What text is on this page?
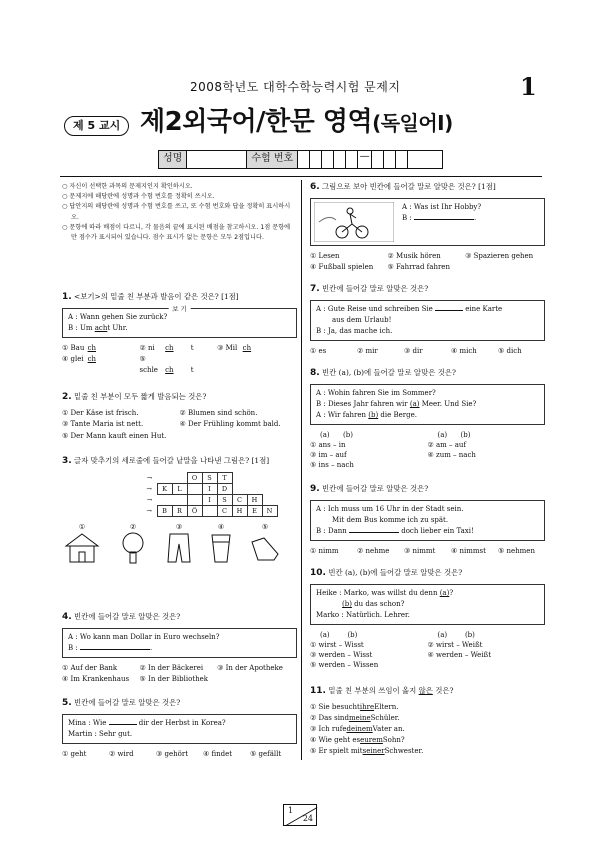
2008학년도 대학수학능력시험 문제지	1
제 5 교시 제2외국어/한문 영역(독일어Ⅰ)
성명	수험 번호	—
○ 자신이 선택한 과목의 문제지인지 확인하시오.
○ 문제지에 해당란에 성명과 수험 번호를 정확히 쓰시오.
○ 답안지의 해당란에 성명과 수험 번호를 쓰고, 또 수험 번호와 답을 정확히 표시하시오.
○ 문항에 따라 배점이 다르니, 각 물음의 끝에 표시된 배점을 참고하시오. 1점 문항에만 점수가 표시되어 있습니다. 점수 표시가 없는 문항은 모두 2점입니다.
1. <보기>의 밑줄 친 부분과 발음이 같은 것은? [1점]
보 기
A : Wann gehen Sie zurück?
B : Um acht Uhr.
① Bau ch	② ni ch t	③ Mil ch
④ glei ch	⑤ schle ch t
2. 밑줄 친 부분이 모두 짧게 발음되는 것은?
① Der Käse ist frisch.	② Blumen sind schön.
③ Tante Maria ist nett.	④ Der Frühling kommt bald.
⑤ Der Mann kauft einen Hut.
3. 글자 맞추기의 세로줄에 들어갈 낱말을 나타낸 그림은? [1점]
→			O	S	T			
→	K	L		I	D			
→				I	S	C	H	
→	B	R	Ö		C	H	E	N
①	②	③	④	⑤

4. 빈칸에 들어갈 말로 알맞은 것은?
A : Wo kann man Dollar in Euro wechseln?
B :	.
① Auf der Bank	② In der Bäckerei	③ In der Apotheke
④ Im Krankenhaus	⑤ In der Bibliothek
5. 빈칸에 들어갈 말로 알맞은 것은?
Mina : Wie	dir der Herbst in Korea?
Martin : Sehr gut.
① geht	② wird	③ gehört	④ findet	⑤ gefällt
6. 그림으로 보아 빈칸에 들어갈 말로 알맞은 것은? [1점]
A : Was ist Ihr Hobby?
B :	.
① Lesen	② Musik hören	③ Spazieren gehen
④ Fußball spielen	⑤ Fahrrad fahren
7. 빈칸에 들어갈 말로 알맞은 것은?
A : Gute Reise und schreiben Sie	eine Karte
aus dem Urlaub!
B : Ja, das mache ich.
① es	② mir	③ dir	④ mich	⑤ dich
8. 빈칸 (a), (b)에 들어갈 말로 알맞은 것은?
A : Wohin fahren Sie im Sommer?
B : Dieses Jahr fahren wir (a) Meer. Und Sie?
A : Wir fahren (b) die Berge.
(a) (b)	(a) (b)
① ans – in	② am – auf
③ im – auf	④ zum – nach
⑤ ins – nach
9. 빈칸에 들어갈 말로 알맞은 것은?
A : Ich muss um 16 Uhr in der Stadt sein.
Mit dem Bus komme ich zu spät.
B : Dann	doch lieber ein Taxi!
① nimm	② nehme	③ nimmt	④ nimmst	⑤ nehmen
10. 빈칸 (a), (b)에 들어갈 말로 알맞은 것은?
Heike : Marko, was willst du denn (a)?
(b) du das schon?
Marko : Natürlich. Lehrer.
(a)	(b)	(a)	(b)
① wirst – Wisst	② wirst – Weißt
③ werden – Wisst	④ werden – Weißt
⑤ werden – Wissen
11. 밑줄 친 부분의 쓰임이 옳지 않은 것은?
① Sie besuchtihreEltern.
② Das sindmeineSchüler.
③ Ich rufedeinemVater an.
④ Wie geht eseuremSohn?
⑤ Er spielt mitseinerSchwester.
1
24
